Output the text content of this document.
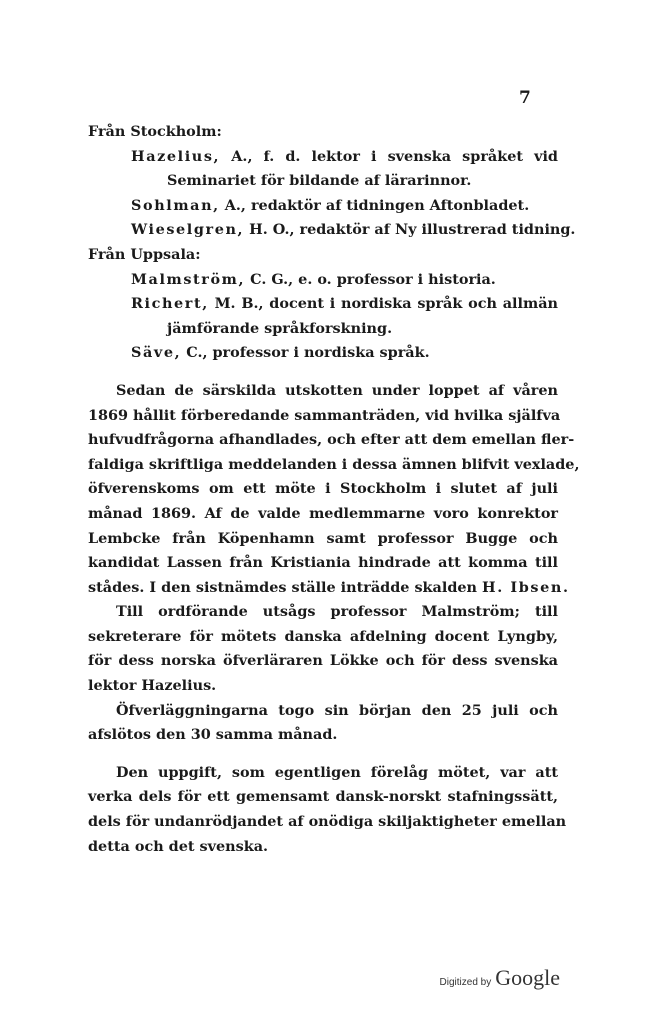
7
Från Stockholm:
Hazelius, A., f. d. lektor i svenska språket vid
Seminariet för bildande af lärarinnor.
Sohlman, A., redaktör af tidningen Aftonbladet.
Wieselgren, H. O., redaktör af Ny illustrerad tidning.
Från Uppsala:
Malmström, C. G., e. o. professor i historia.
Richert, M. B., docent i nordiska språk och allmän
jämförande språkforskning.
Säve, C., professor i nordiska språk.
Sedan de särskilda utskotten under loppet af våren
1869 hållit förberedande sammanträden, vid hvilka själfva
hufvudfrågorna afhandlades, och efter att dem emellan fler-
faldiga skriftliga meddelanden i dessa ämnen blifvit vexlade,
öfverenskoms om ett möte i Stockholm i slutet af juli
månad 1869. Af de valde medlemmarne voro konrektor
Lembcke från Köpenhamn samt professor Bugge och
kandidat Lassen från Kristiania hindrade att komma till
stådes. I den sistnämdes ställe inträdde skalden H. Ibsen.
Till ordförande utsågs professor Malmström; till
sekreterare för mötets danska afdelning docent Lyngby,
för dess norska öfverläraren Lökke och för dess svenska
lektor Hazelius.
Öfverläggningarna togo sin början den 25 juli och
afslötos den 30 samma månad.
Den uppgift, som egentligen förelåg mötet, var att
verka dels för ett gemensamt dansk-norskt stafningssätt,
dels för undanrödjandet af onödiga skiljaktigheter emellan
detta och det svenska.
Digitized by Google
